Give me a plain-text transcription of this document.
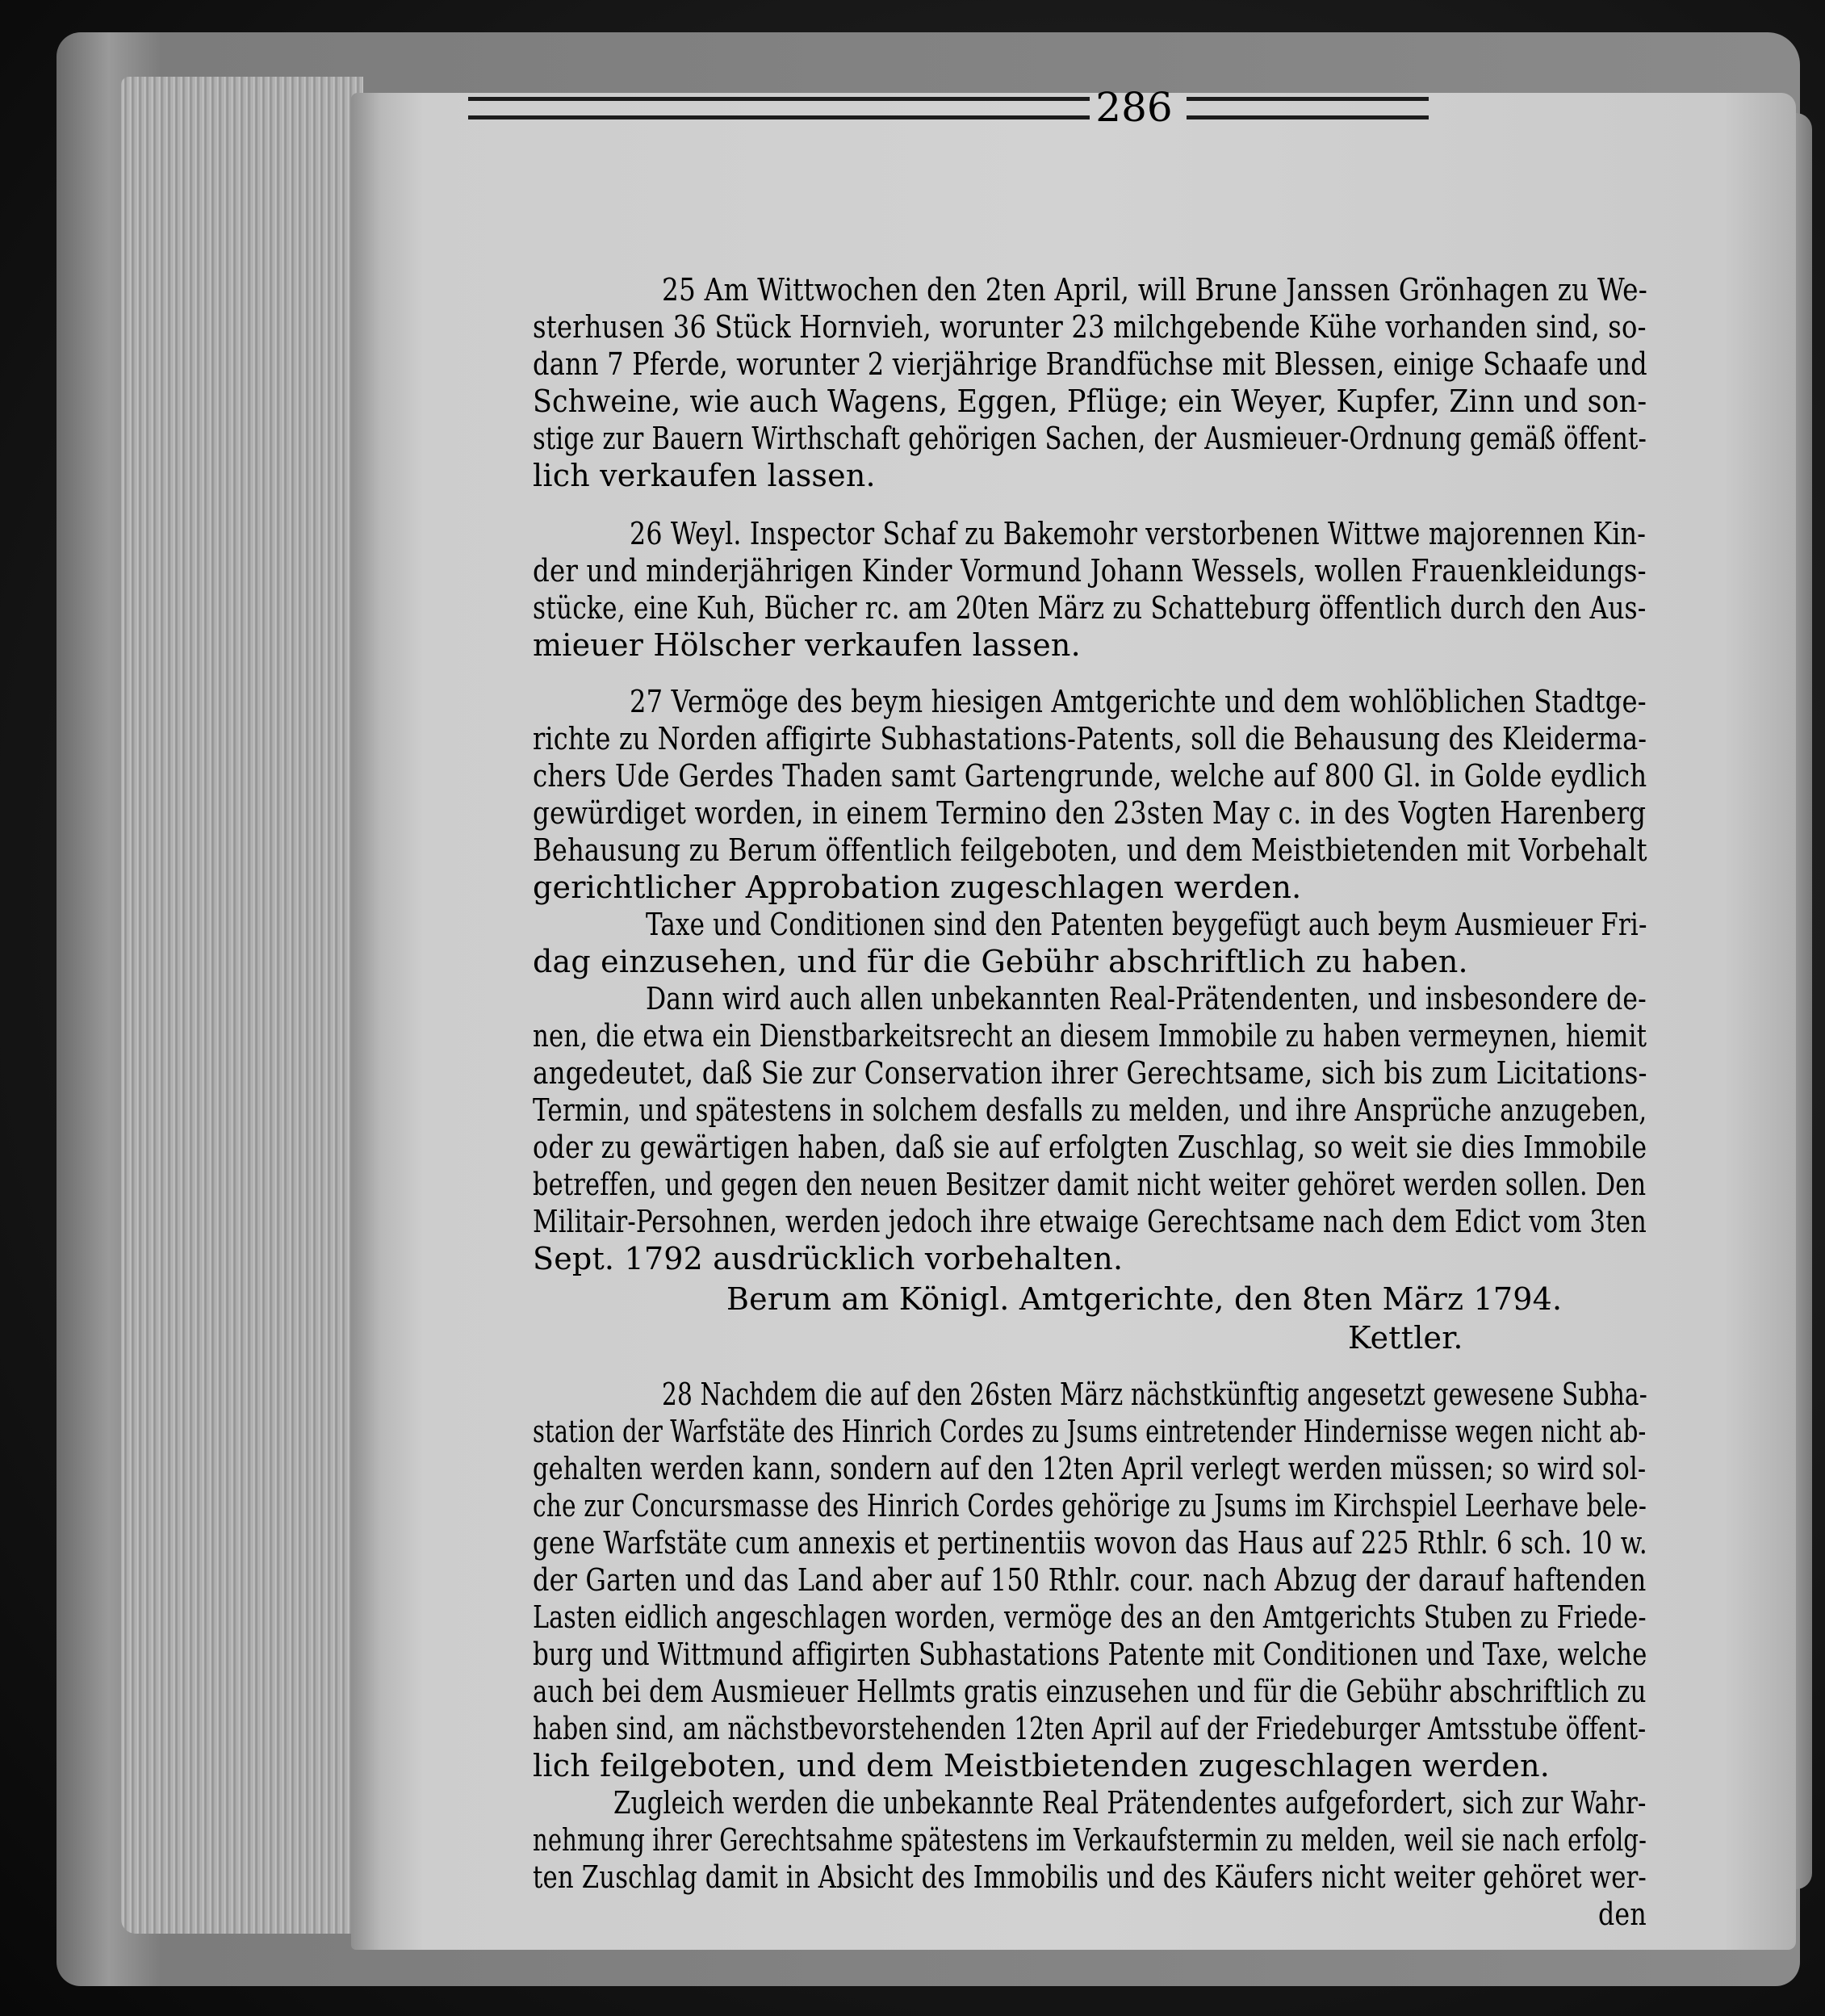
286
25 Am Wittwochen den 2ten April, will Brune Janssen Grönhagen zu We-
sterhusen 36 Stück Hornvieh, worunter 23 milchgebende Kühe vorhanden sind, so-
dann 7 Pferde, worunter 2 vierjährige Brandfüchse mit Blessen, einige Schaafe und
Schweine, wie auch Wagens, Eggen, Pflüge; ein Weyer, Kupfer, Zinn und son-
stige zur Bauern Wirthschaft gehörigen Sachen, der Ausmieuer-Ordnung gemäß öffent-
lich verkaufen lassen.
26 Weyl. Inspector Schaf zu Bakemohr verstorbenen Wittwe majorennen Kin-
der und minderjährigen Kinder Vormund Johann Wessels, wollen Frauenkleidungs-
stücke, eine Kuh, Bücher rc. am 20ten März zu Schatteburg öffentlich durch den Aus-
mieuer Hölscher verkaufen lassen.
27 Vermöge des beym hiesigen Amtgerichte und dem wohlöblichen Stadtge-
richte zu Norden affigirte Subhastations-Patents, soll die Behausung des Kleiderma-
chers Ude Gerdes Thaden samt Gartengrunde, welche auf 800 Gl. in Golde eydlich
gewürdiget worden, in einem Termino den 23sten May c. in des Vogten Harenberg
Behausung zu Berum öffentlich feilgeboten, und dem Meistbietenden mit Vorbehalt
gerichtlicher Approbation zugeschlagen werden.
Taxe und Conditionen sind den Patenten beygefügt auch beym Ausmieuer Fri-
dag einzusehen, und für die Gebühr abschriftlich zu haben.
Dann wird auch allen unbekannten Real-Prätendenten, und insbesondere de-
nen, die etwa ein Dienstbarkeitsrecht an diesem Immobile zu haben vermeynen, hiemit
angedeutet, daß Sie zur Conservation ihrer Gerechtsame, sich bis zum Licitations-
Termin, und spätestens in solchem desfalls zu melden, und ihre Ansprüche anzugeben,
oder zu gewärtigen haben, daß sie auf erfolgten Zuschlag, so weit sie dies Immobile
betreffen, und gegen den neuen Besitzer damit nicht weiter gehöret werden sollen. Den
Militair-Persohnen, werden jedoch ihre etwaige Gerechtsame nach dem Edict vom 3ten
Sept. 1792 ausdrücklich vorbehalten.
Berum am Königl. Amtgerichte, den 8ten März 1794.
Kettler.
28 Nachdem die auf den 26sten März nächstkünftig angesetzt gewesene Subha-
station der Warfstäte des Hinrich Cordes zu Jsums eintretender Hindernisse wegen nicht ab-
gehalten werden kann, sondern auf den 12ten April verlegt werden müssen; so wird sol-
che zur Concursmasse des Hinrich Cordes gehörige zu Jsums im Kirchspiel Leerhave bele-
gene Warfstäte cum annexis et pertinentiis wovon das Haus auf 225 Rthlr. 6 sch. 10 w.
der Garten und das Land aber auf 150 Rthlr. cour. nach Abzug der darauf haftenden
Lasten eidlich angeschlagen worden, vermöge des an den Amtgerichts Stuben zu Friede-
burg und Wittmund affigirten Subhastations Patente mit Conditionen und Taxe, welche
auch bei dem Ausmieuer Hellmts gratis einzusehen und für die Gebühr abschriftlich zu
haben sind, am nächstbevorstehenden 12ten April auf der Friedeburger Amtsstube öffent-
lich feilgeboten, und dem Meistbietenden zugeschlagen werden.
Zugleich werden die unbekannte Real Prätendentes aufgefordert, sich zur Wahr-
nehmung ihrer Gerechtsahme spätestens im Verkaufstermin zu melden, weil sie nach erfolg-
ten Zuschlag damit in Absicht des Immobilis und des Käufers nicht weiter gehöret wer-
den
